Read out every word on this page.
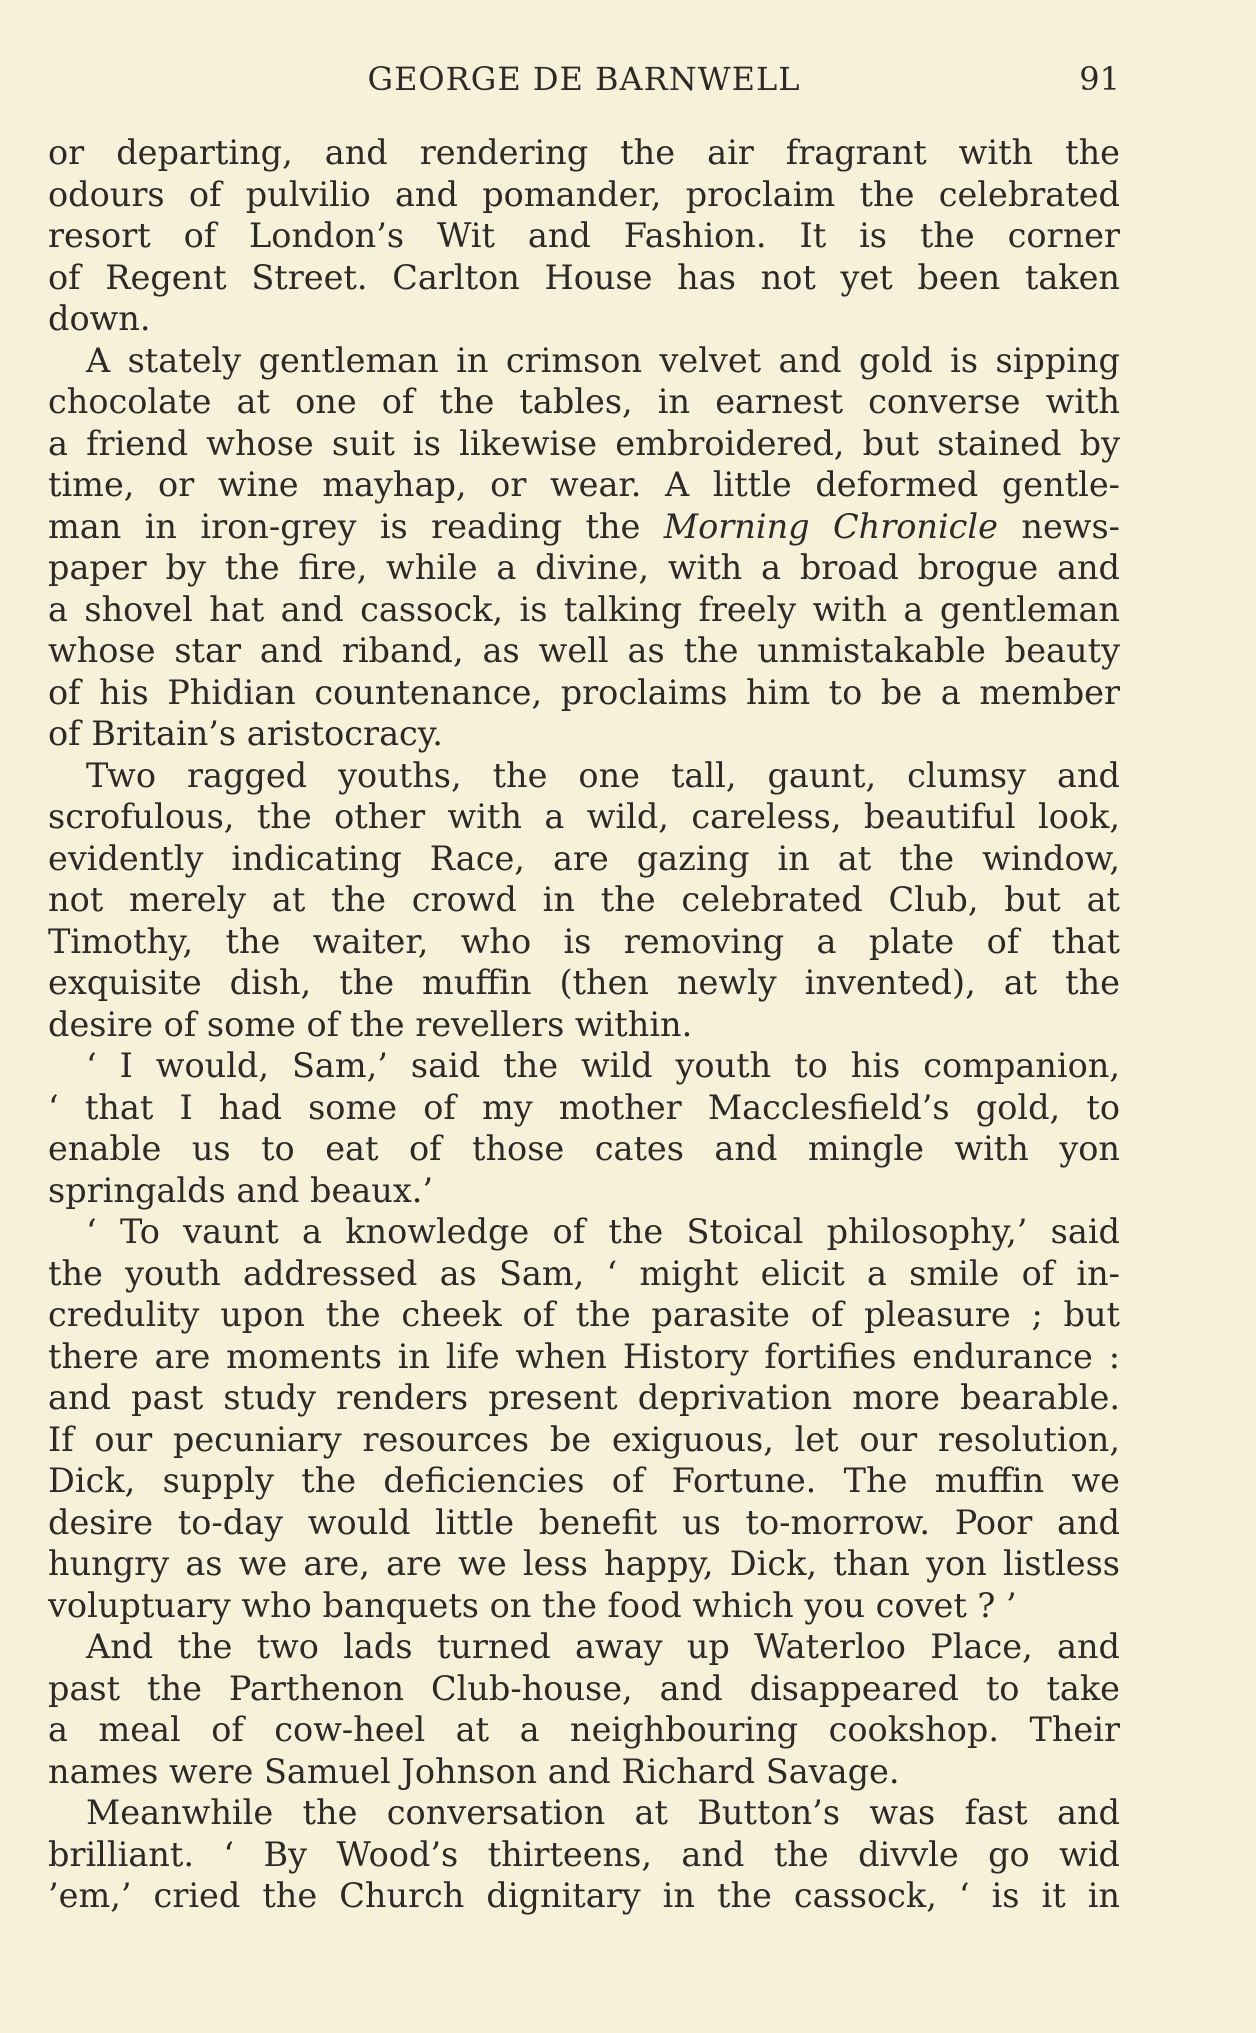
GEORGE DE BARNWELL	91
or departing, and rendering the air fragrant with the
odours of pulvilio and pomander, proclaim the celebrated
resort of London’s Wit and Fashion. It is the corner
of Regent Street. Carlton House has not yet been taken
down.
A stately gentleman in crimson velvet and gold is sipping
chocolate at one of the tables, in earnest converse with
a friend whose suit is likewise embroidered, but stained by
time, or wine mayhap, or wear. A little deformed gentle-
man in iron-grey is reading the Morning Chronicle news-
paper by the fire, while a divine, with a broad brogue and
a shovel hat and cassock, is talking freely with a gentleman
whose star and riband, as well as the unmistakable beauty
of his Phidian countenance, proclaims him to be a member
of Britain’s aristocracy.
Two ragged youths, the one tall, gaunt, clumsy and
scrofulous, the other with a wild, careless, beautiful look,
evidently indicating Race, are gazing in at the window,
not merely at the crowd in the celebrated Club, but at
Timothy, the waiter, who is removing a plate of that
exquisite dish, the muffin (then newly invented), at the
desire of some of the revellers within.
‘ I would, Sam,’ said the wild youth to his companion,
‘ that I had some of my mother Macclesfield’s gold, to
enable us to eat of those cates and mingle with yon
springalds and beaux.’
‘ To vaunt a knowledge of the Stoical philosophy,’ said
the youth addressed as Sam, ‘ might elicit a smile of in-
credulity upon the cheek of the parasite of pleasure ; but
there are moments in life when History fortifies endurance :
and past study renders present deprivation more bearable.
If our pecuniary resources be exiguous, let our resolution,
Dick, supply the deficiencies of Fortune. The muffin we
desire to-day would little benefit us to-morrow. Poor and
hungry as we are, are we less happy, Dick, than yon listless
voluptuary who banquets on the food which you covet ? ’
And the two lads turned away up Waterloo Place, and
past the Parthenon Club-house, and disappeared to take
a meal of cow-heel at a neighbouring cookshop. Their
names were Samuel Johnson and Richard Savage.
Meanwhile the conversation at Button’s was fast and
brilliant. ‘ By Wood’s thirteens, and the divvle go wid
’em,’ cried the Church dignitary in the cassock, ‘ is it in
